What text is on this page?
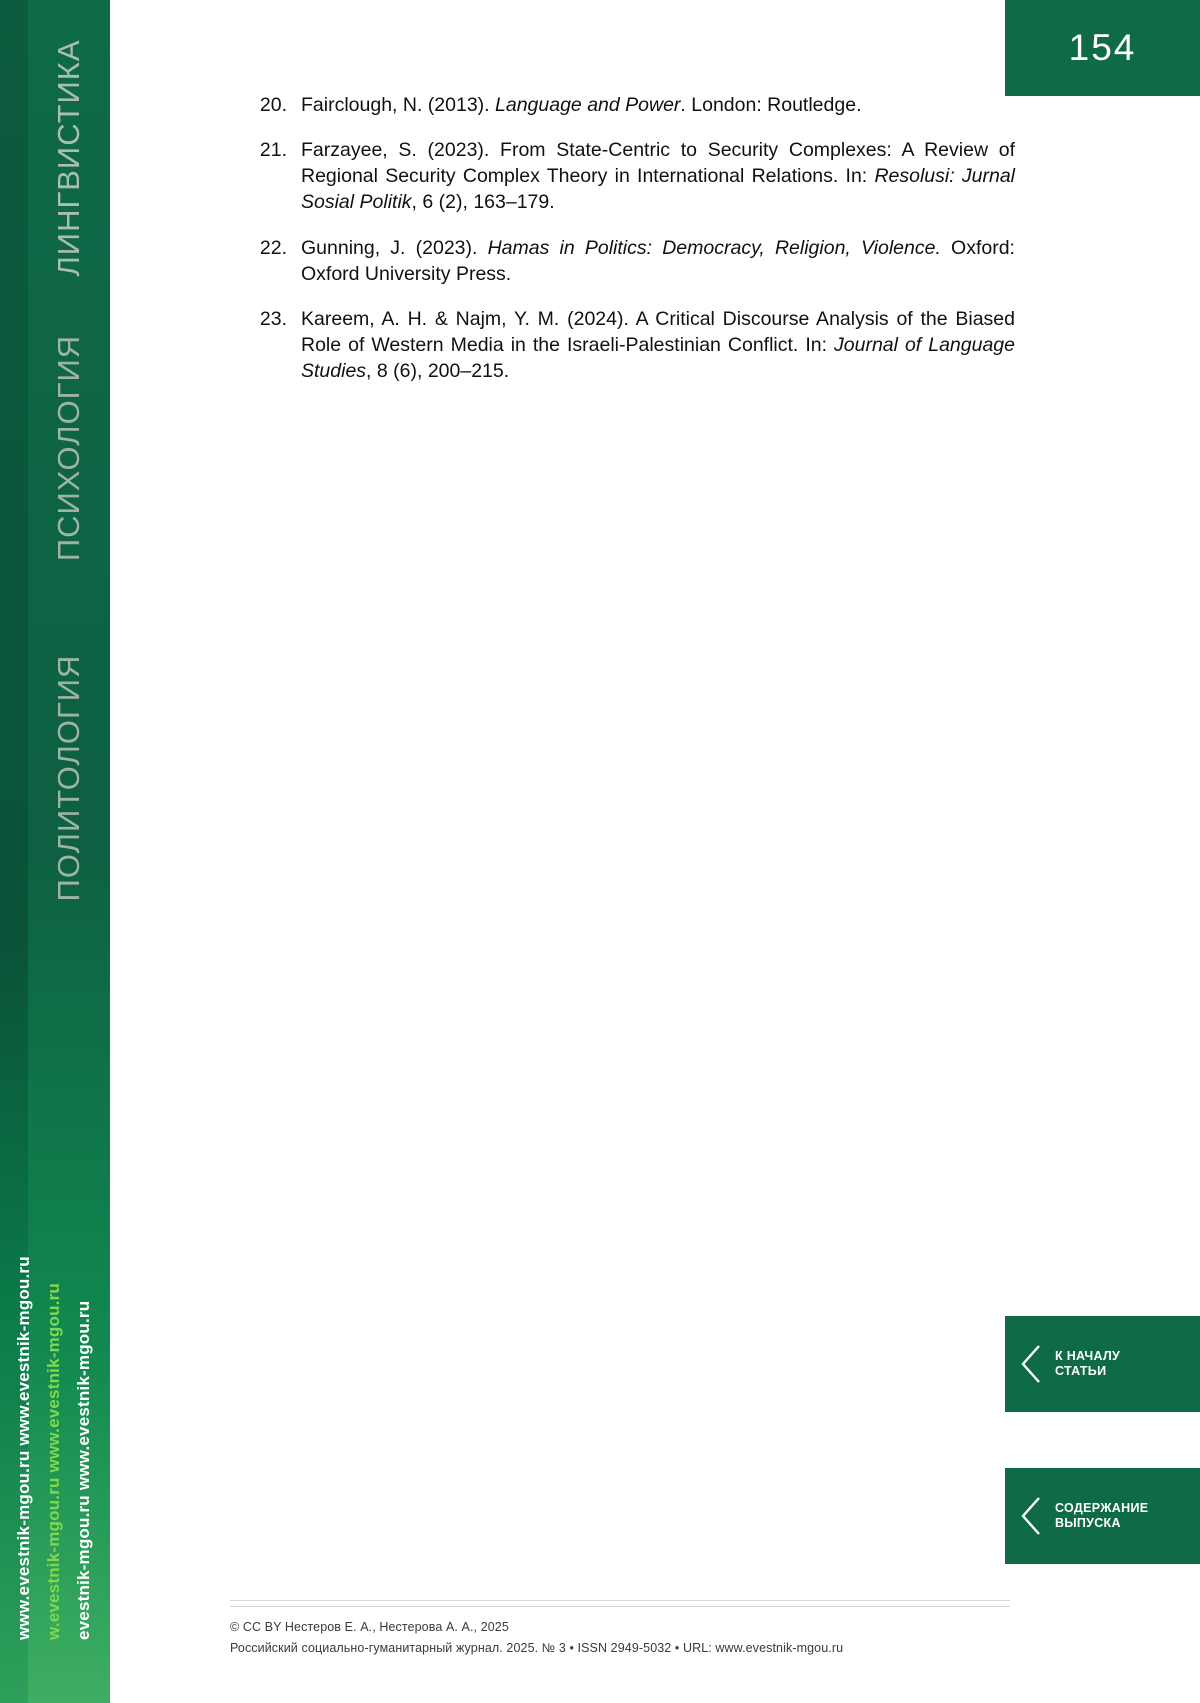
ЛИНГВИСТИКА
ПСИХОЛОГИЯ
ПОЛИТОЛОГИЯ
www.evestnik-mgou.ru www.evestnik-mgou.ru w.evestnik-mgou.ru www.evestnik-mgou.ru evestnik-mgou.ru www.evestnik-mgou.ru
154
20. Fairclough, N. (2013). Language and Power. London: Routledge.
21. Farzayee, S. (2023). From State-Centric to Security Complexes: A Review of Regional Security Complex Theory in International Relations. In: Resolusi: Jurnal Sosial Politik, 6 (2), 163–179.
22. Gunning, J. (2023). Hamas in Politics: Democracy, Religion, Violence. Oxford: Oxford University Press.
23. Kareem, A. H. & Najm, Y. M. (2024). A Critical Discourse Analysis of the Biased Role of Western Media in the Israeli-Palestinian Conflict. In: Journal of Language Studies, 8 (6), 200–215.
К НАЧАЛУ
СТАТЬИ
СОДЕРЖАНИЕ
ВЫПУСКА
© CC BY Нестеров Е. А., Нестерова А. А., 2025
Российский социально-гуманитарный журнал. 2025. № 3 • ISSN 2949-5032 • URL: www.evestnik-mgou.ru
